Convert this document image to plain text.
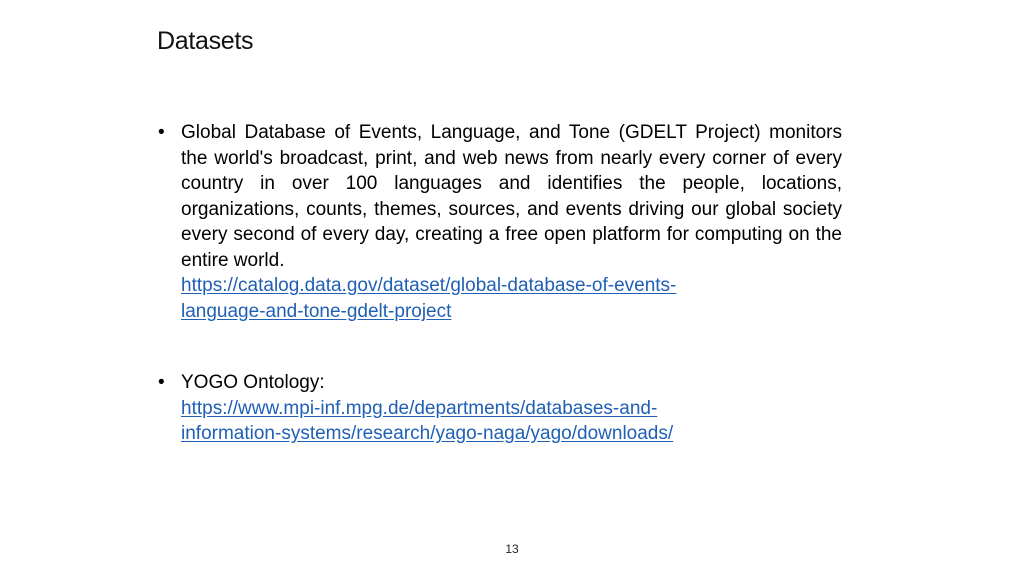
Datasets

• Global Database of Events, Language, and Tone (GDELT Project) monitors the world's broadcast, print, and web news from nearly every corner of every country in over 100 languages and identifies the people, locations, organizations, counts, themes, sources, and events driving our global society every second of every day, creating a free open platform for computing on the entire world.
https://catalog.data.gov/dataset/global-database-of-events-
language-and-tone-gdelt-project

• YOGO Ontology:
https://www.mpi-inf.mpg.de/departments/databases-and-
information-systems/research/yago-naga/yago/downloads/

13
